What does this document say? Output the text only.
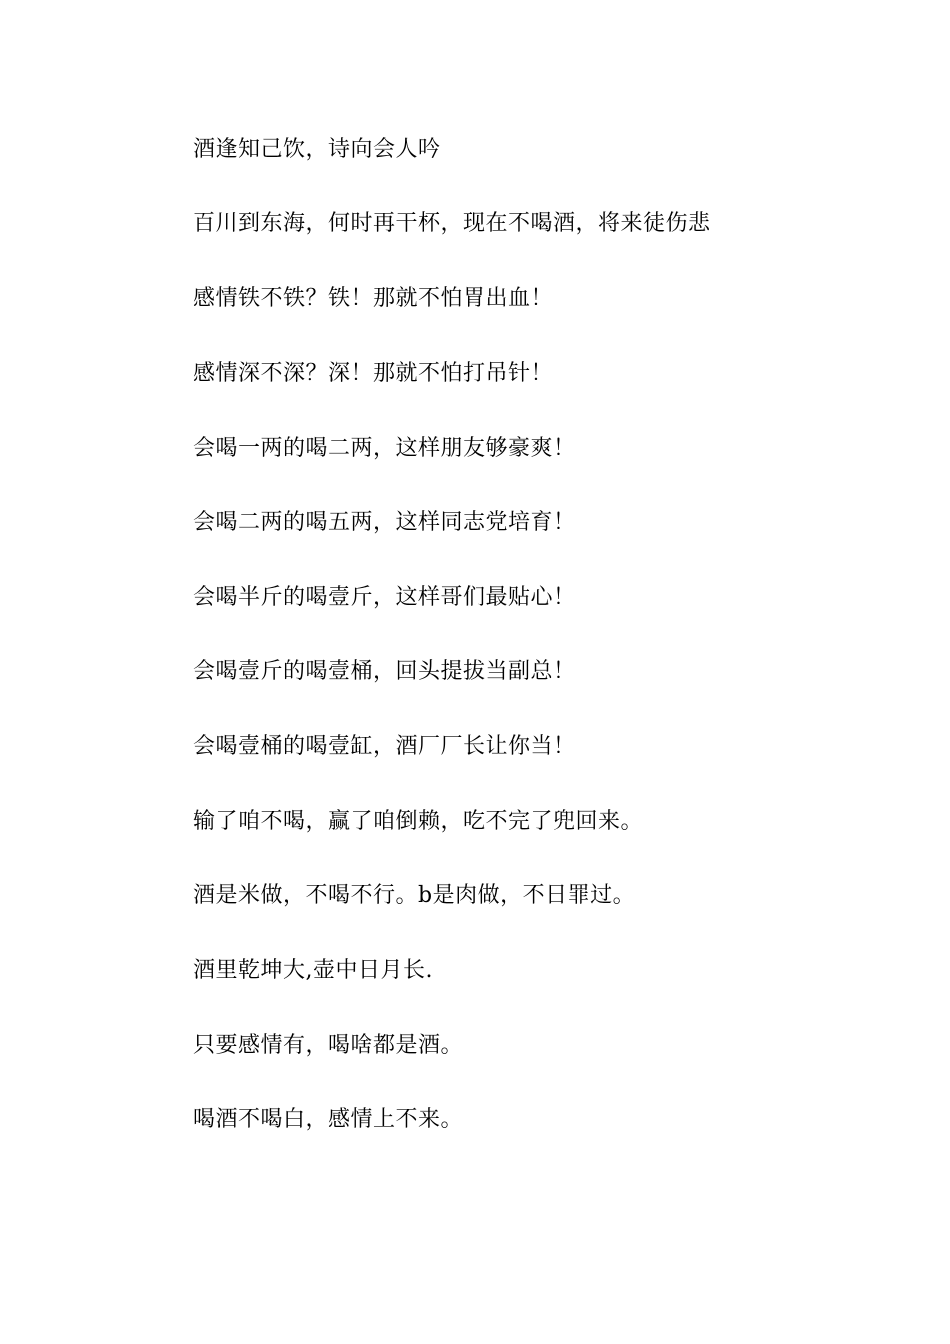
酒逢知己饮，诗向会人吟
百川到东海，何时再干杯，现在不喝酒，将来徒伤悲
感情铁不铁？铁！那就不怕胃出血！
感情深不深？深！那就不怕打吊针！
会喝一两的喝二两，这样朋友够豪爽！
会喝二两的喝五两，这样同志党培育！
会喝半斤的喝壹斤，这样哥们最贴心！
会喝壹斤的喝壹桶，回头提拔当副总！
会喝壹桶的喝壹缸，酒厂厂长让你当！
输了咱不喝，赢了咱倒赖，吃不完了兜回来。
酒是米做，不喝不行。b是肉做，不日罪过。
酒里乾坤大,壶中日月长.
只要感情有，喝啥都是酒。
喝酒不喝白，感情上不来。
